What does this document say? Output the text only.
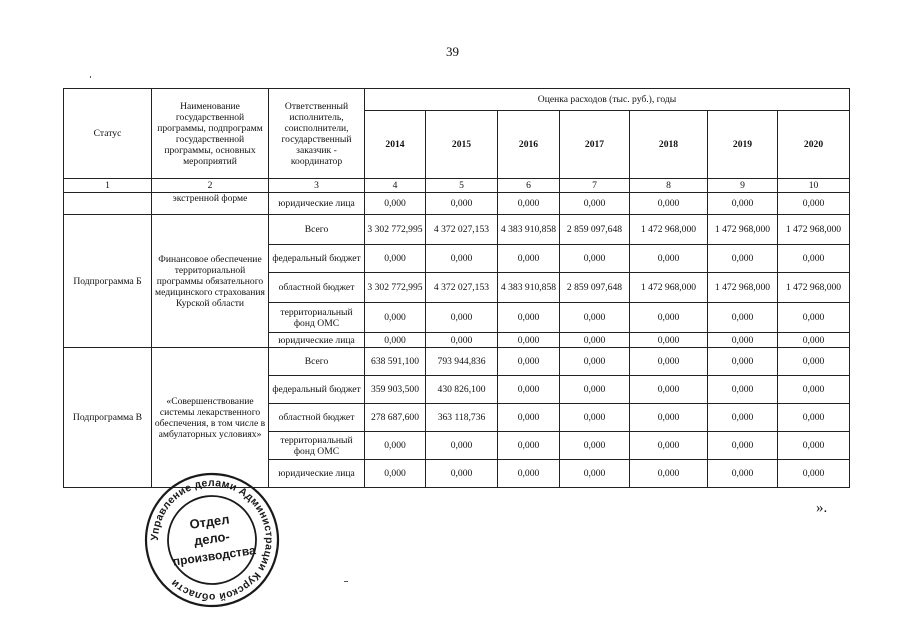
39
Статус	Наименование государственной программы, подпрограмм государственной программы, основных мероприятий	Ответственный исполнитель, соисполнители, государственный заказчик - координатор	Оценка расходов (тыс. руб.), годы						
			2014	2015	2016	2017	2018	2019	2020
1	2	3	4	5	6	7	8	9	10
	экстренной форме	юридические лица	0,000	0,000	0,000	0,000	0,000	0,000	0,000
Подпрограмма Б	Финансовое обеспечение территориальной программы обязательного медицинского страхования Курской области	Всего	3 302 772,995	4 372 027,153	4 383 910,858	2 859 097,648	1 472 968,000	1 472 968,000	1 472 968,000
		федеральный бюджет	0,000	0,000	0,000	0,000	0,000	0,000	0,000
		областной бюджет	3 302 772,995	4 372 027,153	4 383 910,858	2 859 097,648	1 472 968,000	1 472 968,000	1 472 968,000
		территориальный фонд ОМС	0,000	0,000	0,000	0,000	0,000	0,000	0,000
		юридические лица	0,000	0,000	0,000	0,000	0,000	0,000	0,000
Подпрограмма В	«Совершенствование системы лекарственного обеспечения, в том числе в амбулаторных условиях»	Всего	638 591,100	793 944,836	0,000	0,000	0,000	0,000	0,000
		федеральный бюджет	359 903,500	430 826,100	0,000	0,000	0,000	0,000	0,000
		областной бюджет	278 687,600	363 118,736	0,000	0,000	0,000	0,000	0,000
		территориальный фонд ОМС	0,000	0,000	0,000	0,000	0,000	0,000	0,000
		юридические лица	0,000	0,000	0,000	0,000	0,000	0,000	0,000
».
Управление делами Администрации Курской области
Отдел
дело-
производства
